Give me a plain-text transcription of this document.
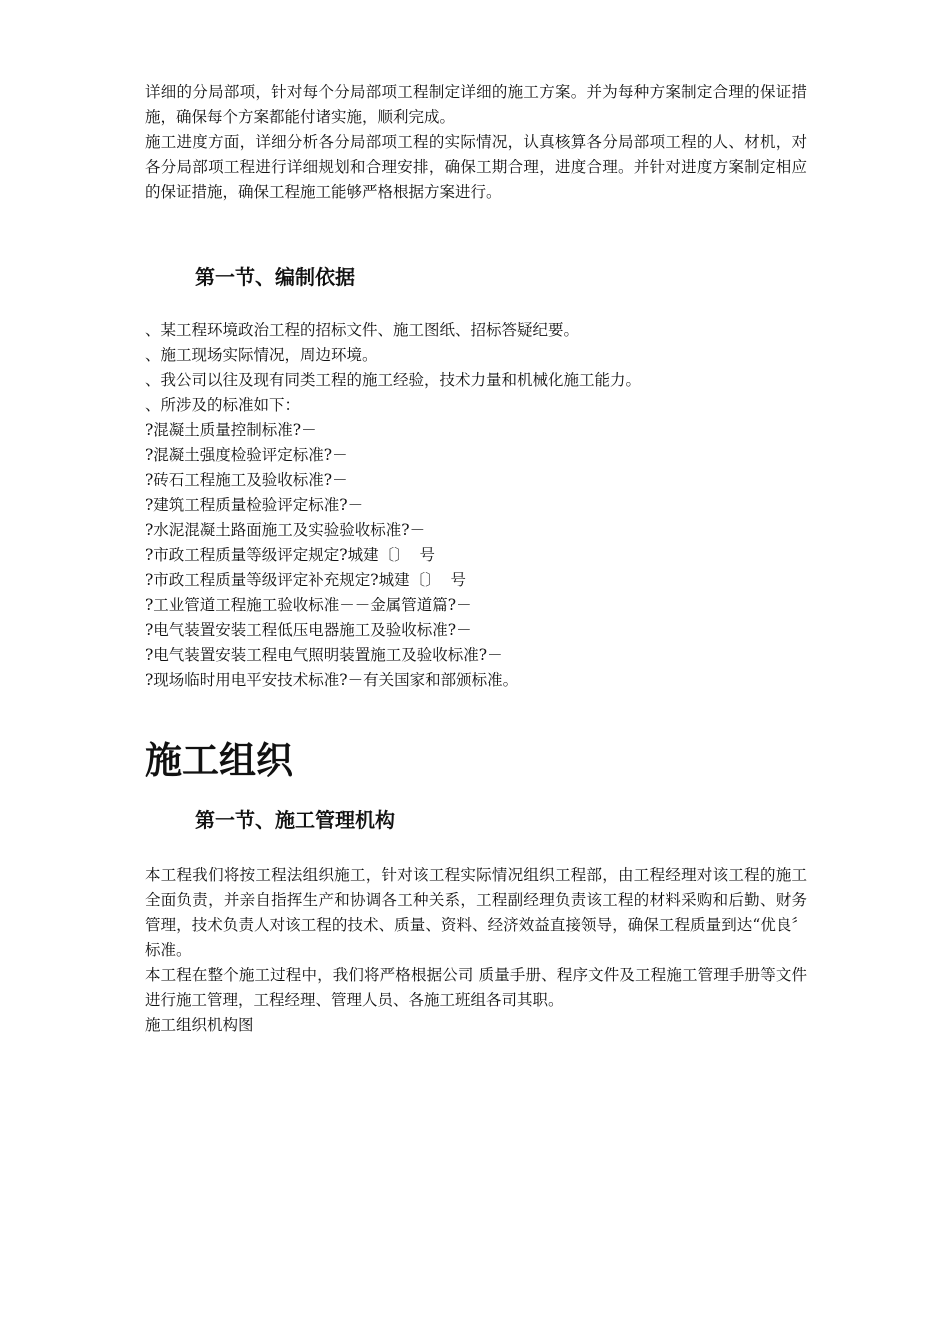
详细的分局部项，针对每个分局部项工程制定详细的施工方案。并为每种方案制定合理的保证措施，确保每个方案都能付诸实施，顺利完成。

施工进度方面，详细分析各分局部项工程的实际情况，认真核算各分局部项工程的人、材机，对各分局部项工程进行详细规划和合理安排，确保工期合理，进度合理。并针对进度方案制定相应的保证措施，确保工程施工能够严格根据方案进行。

第一节、编制依据

、某工程环境政治工程的招标文件、施工图纸、招标答疑纪要。

、施工现场实际情况，周边环境。

、我公司以往及现有同类工程的施工经验，技术力量和机械化施工能力。

、所涉及的标准如下：

?混凝土质量控制标准?－

?混凝土强度检验评定标准?－

?砖石工程施工及验收标准?－

?建筑工程质量检验评定标准?－

?水泥混凝土路面施工及实验验收标准?－

?市政工程质量等级评定规定?城建〔〕  号

?市政工程质量等级评定补充规定?城建〔〕  号

?工业管道工程施工验收标准－－金属管道篇?－

?电气装置安装工程低压电器施工及验收标准?－

?电气装置安装工程电气照明装置施工及验收标准?－

?现场临时用电平安技术标准?－有关国家和部颁标准。

施工组织
第一节、施工管理机构

本工程我们将按工程法组织施工，针对该工程实际情况组织工程部，由工程经理对该工程的施工全面负责，并亲自指挥生产和协调各工种关系，工程副经理负责该工程的材料采购和后勤、财务管理，技术负责人对该工程的技术、质量、资料、经济效益直接领导，确保工程质量到达“优良〞标准。

本工程在整个施工过程中，我们将严格根据公司 质量手册、程序文件及工程施工管理手册等文件进行施工管理，工程经理、管理人员、各施工班组各司其职。

施工组织机构图
